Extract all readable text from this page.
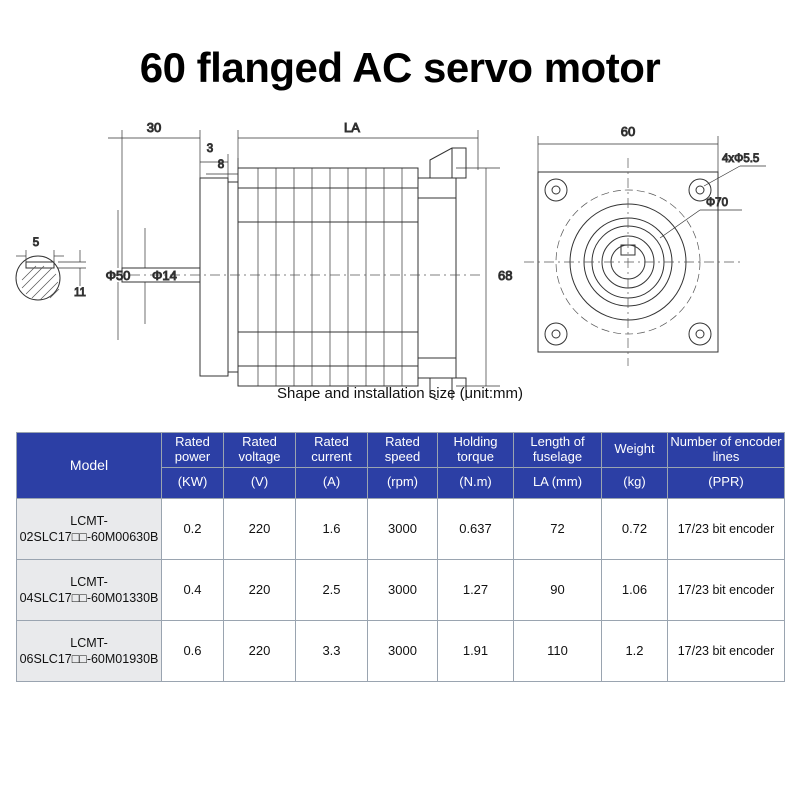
60 flanged AC servo motor
5
11
30	LA
3
8
Φ50 Φ14	68
60
4xΦ5.5
Φ70
Shape and installation size (unit:mm)
Model	Rated power	Rated voltage	Rated current	Rated speed	Holding torque	Length of fuselage	Weight	Number of encoder lines
	(KW)	(V)	(A)	(rpm)	(N.m)	LA (mm)	(kg)	(PPR)
LCMT-02SLC17□□-60M00630B	0.2	220	1.6	3000	0.637	72	0.72	17/23 bit encoder
LCMT-04SLC17□□-60M01330B	0.4	220	2.5	3000	1.27	90	1.06	17/23 bit encoder
LCMT-06SLC17□□-60M01930B	0.6	220	3.3	3000	1.91	110	1.2	17/23 bit encoder
